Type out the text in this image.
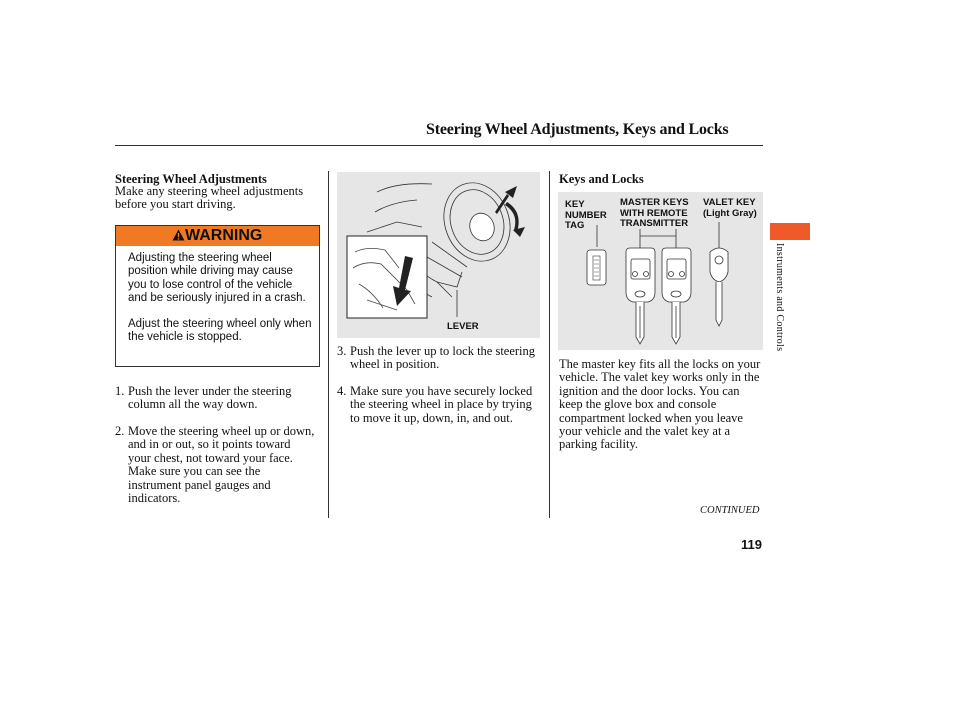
Steering Wheel Adjustments, Keys and Locks
Steering Wheel Adjustments
Make any steering wheel adjustments before you start driving.
WARNING

Adjusting the steering wheel position while driving may cause you to lose control of the vehicle and be seriously injured in a crash.

Adjust the steering wheel only when the vehicle is stopped.

1. Push the lever under the steering column all the way down.
2. Move the steering wheel up or down, and in or out, so it points toward your chest, not toward your face. Make sure you can see the instrument panel gauges and indicators.
LEVER
3. Push the lever up to lock the steering wheel in position.
4. Make sure you have securely locked the steering wheel in place by trying to move it up, down, in, and out.
Keys and Locks
KEY NUMBER TAG
MASTER KEYS WITH REMOTE TRANSMITTER
VALET KEY (Light Gray)
The master key fits all the locks on your vehicle. The valet key works only in the ignition and the door locks. You can keep the glove box and console compartment locked when you leave your vehicle and the valet key at a parking facility.
Instruments and Controls
CONTINUED
119
